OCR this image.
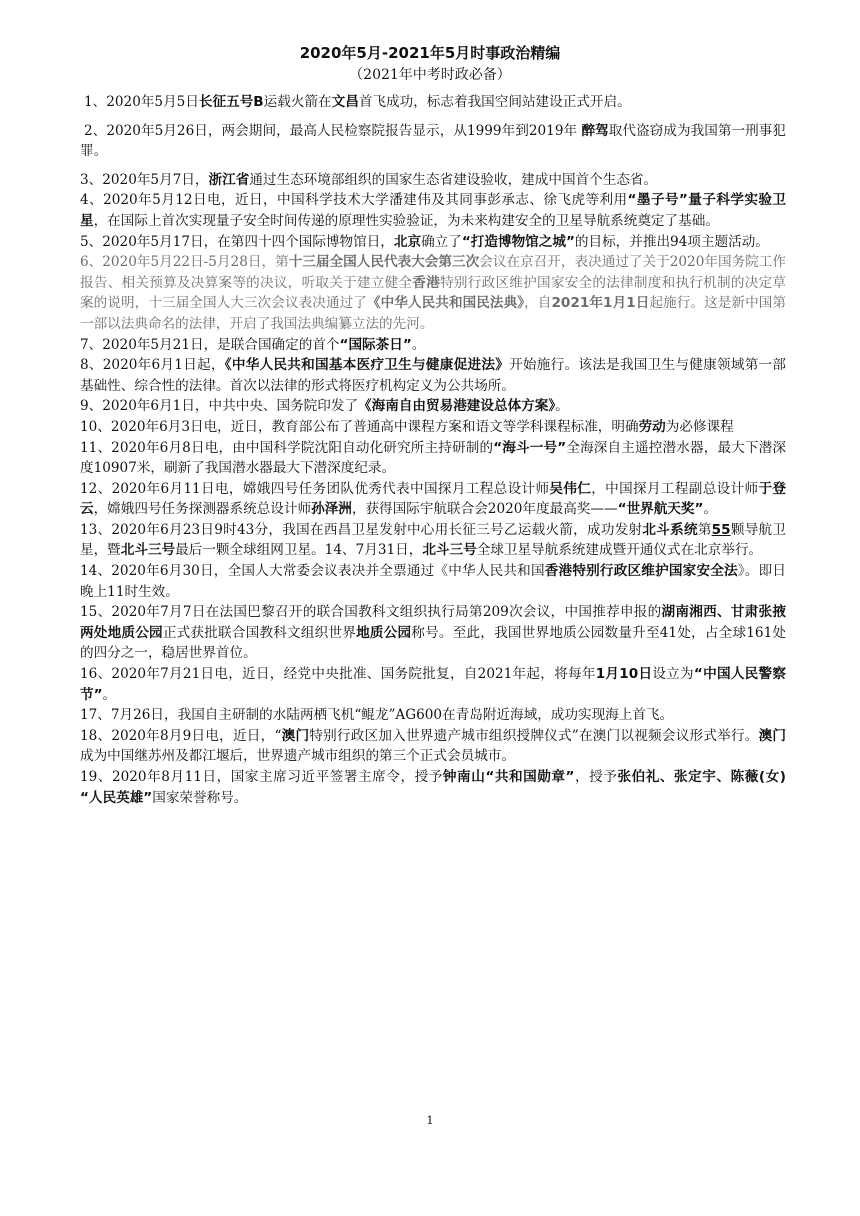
2020年5月-2021年5月时事政治精编
（2021年中考时政必备）

1、2020年5月5日长征五号B运载火箭在文昌首飞成功，标志着我国空间站建设正式开启。

2、2020年5月26日，两会期间，最高人民检察院报告显示，从1999年到2019年 醉驾取代盗窃成为我国第一刑事犯罪。

3、2020年5月7日，浙江省通过生态环境部组织的国家生态省建设验收，建成中国首个生态省。

4、2020年5月12日电，近日，中国科学技术大学潘建伟及其同事彭承志、徐飞虎等利用“墨子号”量子科学实验卫星，在国际上首次实现量子安全时间传递的原理性实验验证，为未来构建安全的卫星导航系统奠定了基础。

5、2020年5月17日，在第四十四个国际博物馆日，北京确立了“打造博物馆之城”的目标，并推出94项主题活动。

6、2020年5月22日-5月28日，第十三届全国人民代表大会第三次会议在京召开，表决通过了关于2020年国务院工作报告、相关预算及决算案等的决议，听取关于建立健全香港特别行政区维护国家安全的法律制度和执行机制的决定草案的说明，十三届全国人大三次会议表决通过了《中华人民共和国民法典》，自2021年1月1日起施行。这是新中国第一部以法典命名的法律，开启了我国法典编纂立法的先河。

7、2020年5月21日，是联合国确定的首个“国际茶日”。

8、2020年6月1日起，《中华人民共和国基本医疗卫生与健康促进法》开始施行。该法是我国卫生与健康领域第一部基础性、综合性的法律。首次以法律的形式将医疗机构定义为公共场所。

9、2020年6月1日，中共中央、国务院印发了《海南自由贸易港建设总体方案》。

10、2020年6月3日电，近日，教育部公布了普通高中课程方案和语文等学科课程标准，明确劳动为必修课程

11、2020年6月8日电，由中国科学院沈阳自动化研究所主持研制的“海斗一号”全海深自主遥控潜水器，最大下潜深度10907米，刷新了我国潜水器最大下潜深度纪录。

12、2020年6月11日电，嫦娥四号任务团队优秀代表中国探月工程总设计师吴伟仁，中国探月工程副总设计师于登云，嫦娥四号任务探测器系统总设计师孙泽洲，获得国际宇航联合会2020年度最高奖——“世界航天奖”。

13、2020年6月23日9时43分，我国在西昌卫星发射中心用长征三号乙运载火箭，成功发射北斗系统第55颗导航卫星，暨北斗三号最后一颗全球组网卫星。14、7月31日，北斗三号全球卫星导航系统建成暨开通仪式在北京举行。

14、2020年6月30日，全国人大常委会议表决并全票通过《中华人民共和国香港特别行政区维护国家安全法》。即日晚上11时生效。

15、2020年7月7日在法国巴黎召开的联合国教科文组织执行局第209次会议，中国推荐申报的湖南湘西、甘肃张掖两处地质公园正式获批联合国教科文组织世界地质公园称号。至此，我国世界地质公园数量升至41处，占全球161处的四分之一，稳居世界首位。

16、2020年7月21日电，近日，经党中央批准、国务院批复，自2021年起，将每年1月10日设立为“中国人民警察节”。

17、7月26日，我国自主研制的水陆两栖飞机“鲲龙”AG600在青岛附近海域，成功实现海上首飞。

18、2020年8月9日电，近日，“澳门特别行政区加入世界遗产城市组织授牌仪式”在澳门以视频会议形式举行。澳门成为中国继苏州及都江堰后，世界遗产城市组织的第三个正式会员城市。

19、2020年8月11日，国家主席习近平签署主席令，授予钟南山“共和国勋章”，授予张伯礼、张定宇、陈薇(女) “人民英雄”国家荣誉称号。

1
